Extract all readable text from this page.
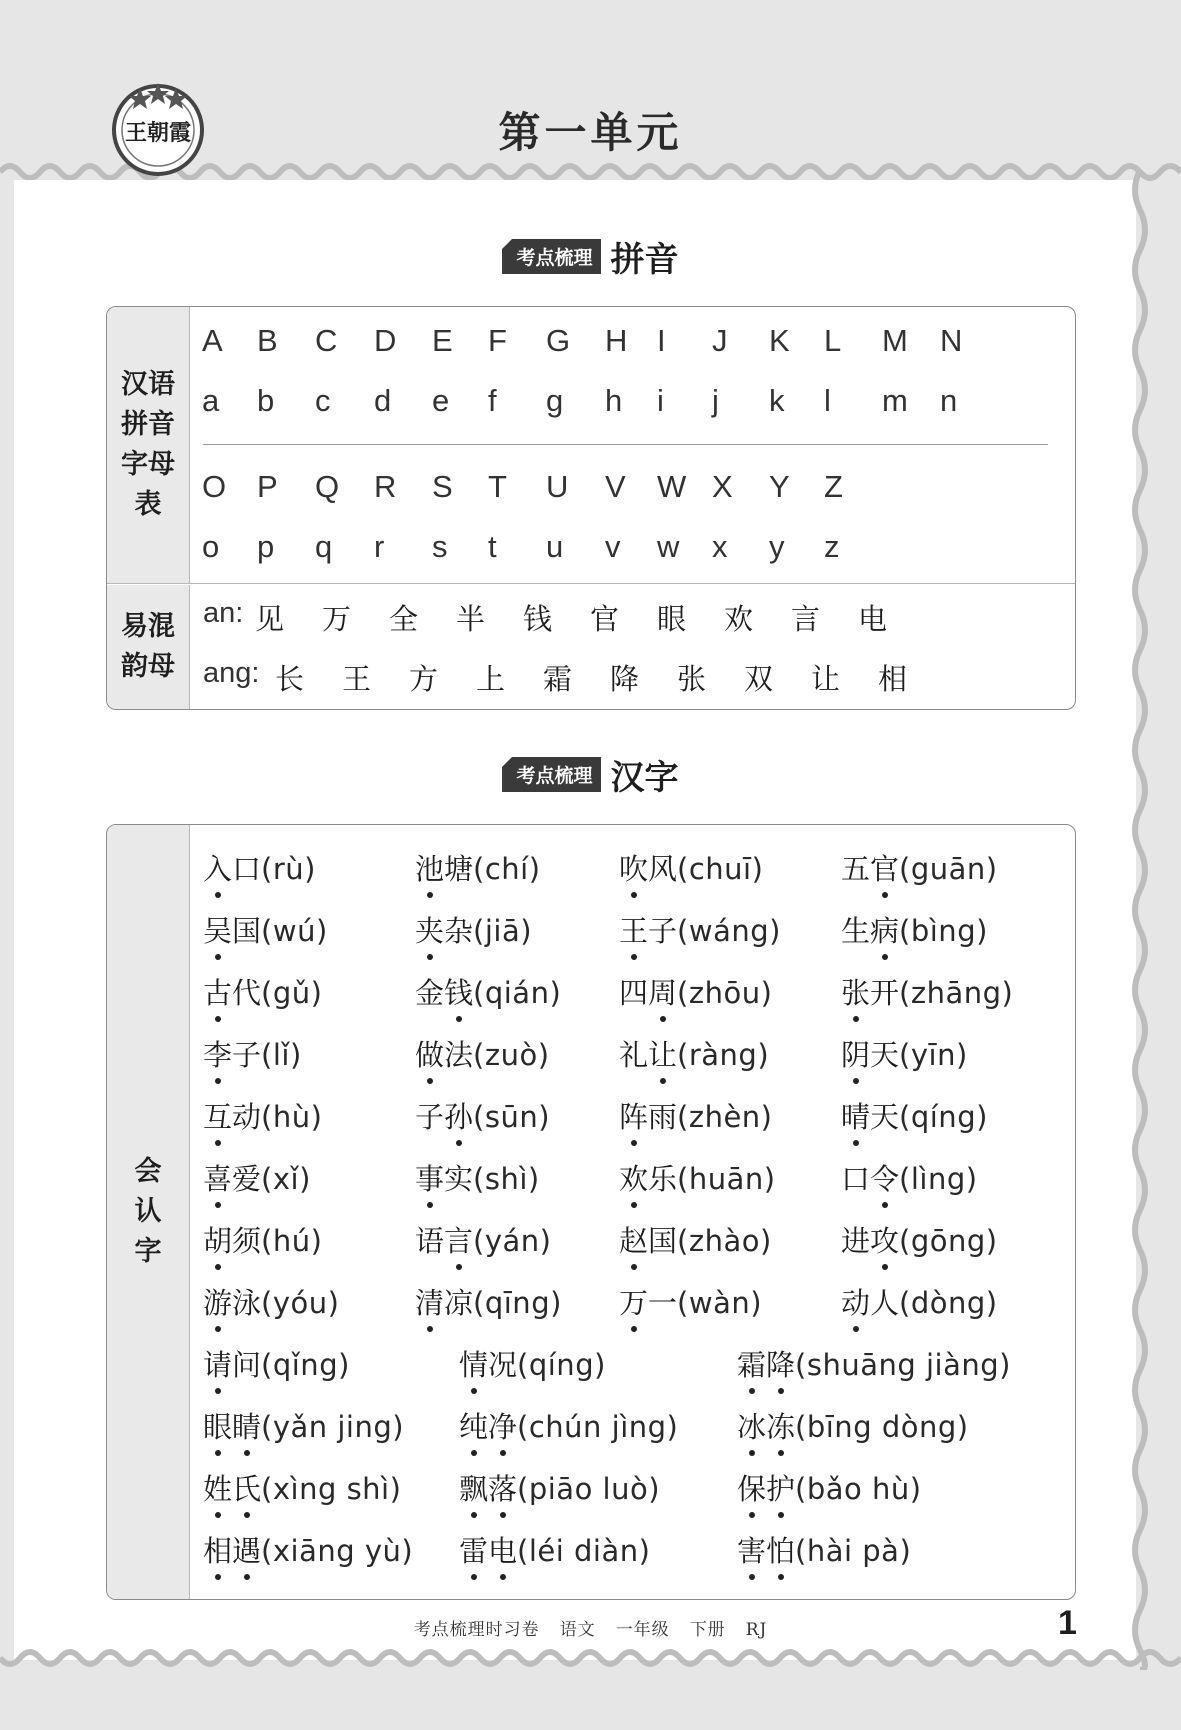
王朝霞	第一单元
考点梳理 拼音
汉语拼音字母表
易混韵母
A B C D E F G H I J K L M N
a b c d e f g h i j k l m n
O P Q R S T U V W X Y Z
o p q r s t u v w x y z
an: 见 万 全 半 钱 官 眼 欢 言 电
ang: 长 王 方 上 霜 降 张 双 让 相
考点梳理 汉字
会认字
入口(rù)	池塘(chí)	吹风(chuī)	五官(guān)
吴国(wú)	夹杂(jiā)	王子(wáng) 生病(bìng)
古代(gǔ)	金钱(qián) 四周(zhōu) 张开(zhāng)
李子(lǐ)	做法(zuò) 礼让(ràng) 阴天(yīn)
互动(hù)	子孙(sūn) 阵雨(zhèn) 晴天(qíng)
喜爱(xǐ)	事实(shì)	欢乐(huān) 口令(lìng)
胡须(hú)	语言(yán) 赵国(zhào) 进攻(gōng)
游泳(yóu)	清凉(qīng) 万一(wàn)	动人(dòng)
请问(qǐng)	情况(qíng)	霜降(shuāng jiàng)
眼睛(yǎn jing) 纯净(chún jìng) 冰冻(bīng dòng)
姓氏(xìng shì) 飘落(piāo luò)	保护(bǎo hù)
相遇(xiāng yù) 雷电(léi diàn)	害怕(hài pà)
考点梳理时习卷 语文 一年级 下册 RJ	1
